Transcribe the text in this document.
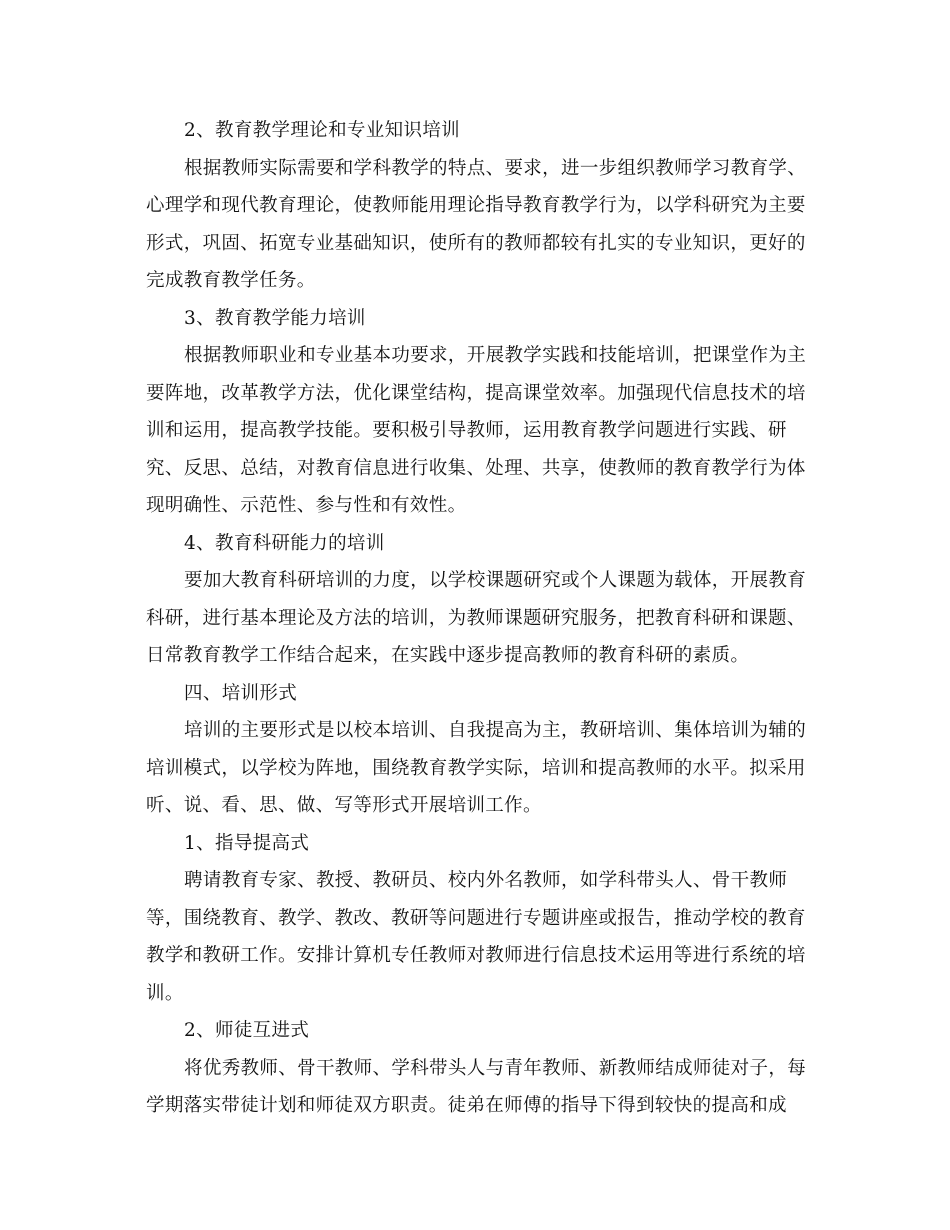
2、教育教学理论和专业知识培训
根据教师实际需要和学科教学的特点、要求，进一步组织教师学习教育学、
心理学和现代教育理论，使教师能用理论指导教育教学行为，以学科研究为主要
形式，巩固、拓宽专业基础知识，使所有的教师都较有扎实的专业知识，更好的
完成教育教学任务。
3、教育教学能力培训
根据教师职业和专业基本功要求，开展教学实践和技能培训，把课堂作为主
要阵地，改革教学方法，优化课堂结构，提高课堂效率。加强现代信息技术的培
训和运用，提高教学技能。要积极引导教师，运用教育教学问题进行实践、研
究、反思、总结，对教育信息进行收集、处理、共享，使教师的教育教学行为体
现明确性、示范性、参与性和有效性。
4、教育科研能力的培训
要加大教育科研培训的力度，以学校课题研究或个人课题为载体，开展教育
科研，进行基本理论及方法的培训，为教师课题研究服务，把教育科研和课题、
日常教育教学工作结合起来，在实践中逐步提高教师的教育科研的素质。
四、培训形式
培训的主要形式是以校本培训、自我提高为主，教研培训、集体培训为辅的
培训模式，以学校为阵地，围绕教育教学实际，培训和提高教师的水平。拟采用
听、说、看、思、做、写等形式开展培训工作。
1、指导提高式
聘请教育专家、教授、教研员、校内外名教师，如学科带头人、骨干教师
等，围绕教育、教学、教改、教研等问题进行专题讲座或报告，推动学校的教育
教学和教研工作。安排计算机专任教师对教师进行信息技术运用等进行系统的培
训。
2、师徒互进式
将优秀教师、骨干教师、学科带头人与青年教师、新教师结成师徒对子，每
学期落实带徒计划和师徒双方职责。徒弟在师傅的指导下得到较快的提高和成
